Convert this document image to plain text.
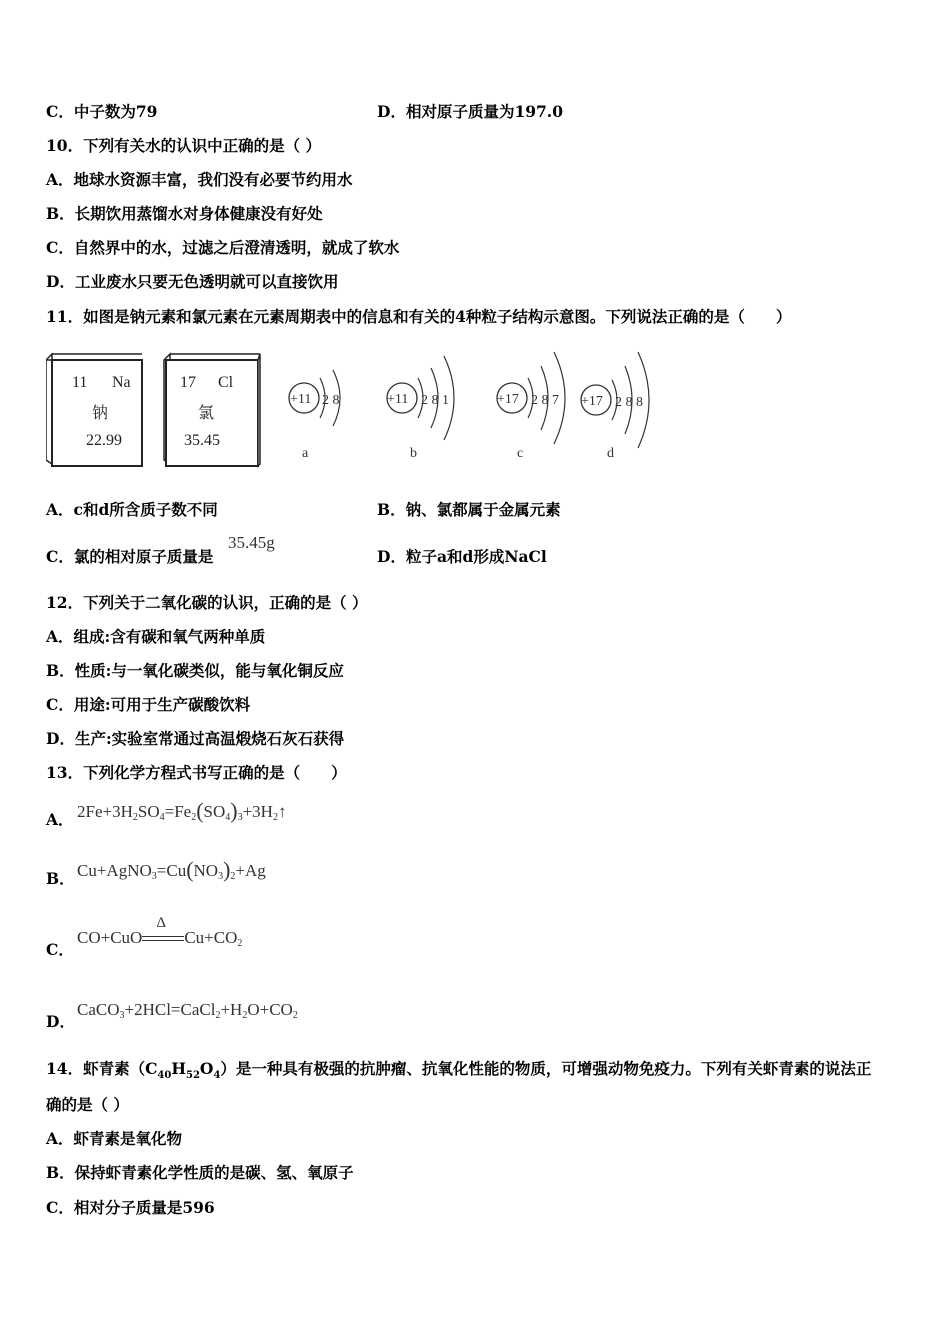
C．中子数为79	D．相对原子质量为197.0
10．下列有关水的认识中正确的是（ ）
A．地球水资源丰富，我们没有必要节约用水
B．长期饮用蒸馏水对身体健康没有好处
C．自然界中的水，过滤之后澄清透明，就成了软水
D．工业废水只要无色透明就可以直接饮用
11．如图是钠元素和氯元素在元素周期表中的信息和有关的4种粒子结构示意图。下列说法正确的是（　　）
11 Na
钠
22.99
17 Cl
氯
35.45
+11 2 8
a
+11 2 8 1
b
+17 2 8 7
c
+17 2 8 8
d
A．c和d所含质子数不同	B．钠、氯都属于金属元素
C．氯的相对原子质量是
35.45g
D．粒子a和d形成NaCl
12．下列关于二氧化碳的认识，正确的是（ ）
A．组成:含有碳和氧气两种单质
B．性质:与一氧化碳类似，能与氧化铜反应
C．用途:可用于生产碳酸饮料
D．生产:实验室常通过高温煅烧石灰石获得
13．下列化学方程式书写正确的是（　　）
A． $2Fe+3H_2SO_4=Fe_2(SO_4)_3+3H_2↑$
B． $Cu+AgNO_3=Cu(NO_3)_2+Ag$
C．
CO+CuO
Δ
$Cu+CO_2$
D．
$CaCO_3+2HCl=CaCl_2+H_2O+CO_2$
14．虾青素$(C_{40}H_{52}O_4)$是一种具有极强的抗肿瘤、抗氧化性能的物质，可增强动物免疫力。下列有关虾青素的说法正
确的是（ ）
A．虾青素是氧化物
B．保持虾青素化学性质的是碳、氢、氧原子
C．相对分子质量是596
